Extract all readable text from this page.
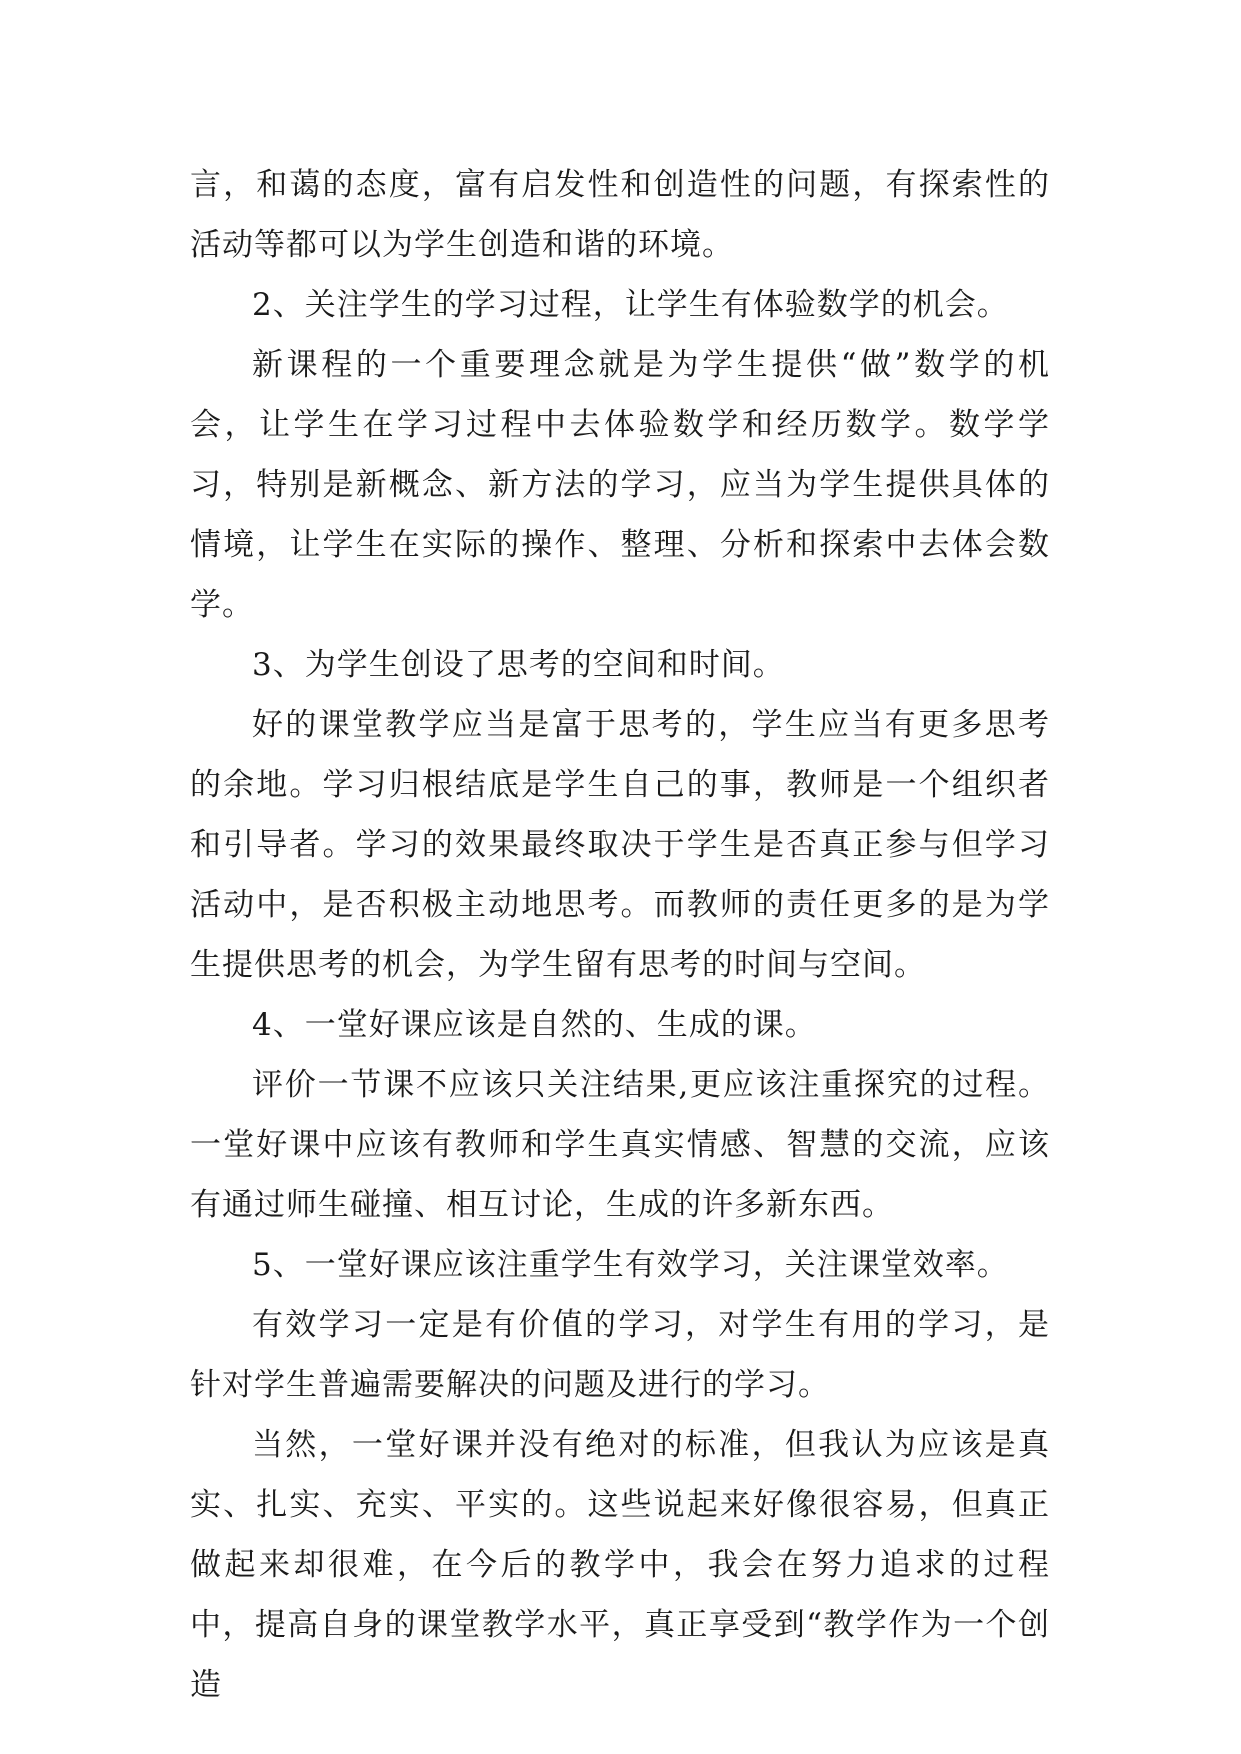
言，和蔼的态度，富有启发性和创造性的问题，有探索性的活动等都可以为学生创造和谐的环境。

2、关注学生的学习过程，让学生有体验数学的机会。

新课程的一个重要理念就是为学生提供“做”数学的机会，让学生在学习过程中去体验数学和经历数学。数学学习，特别是新概念、新方法的学习，应当为学生提供具体的情境，让学生在实际的操作、整理、分析和探索中去体会数学。

3、为学生创设了思考的空间和时间。

好的课堂教学应当是富于思考的，学生应当有更多思考的余地。学习归根结底是学生自己的事，教师是一个组织者和引导者。学习的效果最终取决于学生是否真正参与但学习活动中，是否积极主动地思考。而教师的责任更多的是为学生提供思考的机会，为学生留有思考的时间与空间。

4、一堂好课应该是自然的、生成的课。

评价一节课不应该只关注结果,更应该注重探究的过程。一堂好课中应该有教师和学生真实情感、智慧的交流，应该有通过师生碰撞、相互讨论，生成的许多新东西。

5、一堂好课应该注重学生有效学习，关注课堂效率。

有效学习一定是有价值的学习，对学生有用的学习，是针对学生普遍需要解决的问题及进行的学习。

当然，一堂好课并没有绝对的标准，但我认为应该是真实、扎实、充实、平实的。这些说起来好像很容易，但真正做起来却很难，在今后的教学中，我会在努力追求的过程中，提高自身的课堂教学水平，真正享受到“教学作为一个创造
